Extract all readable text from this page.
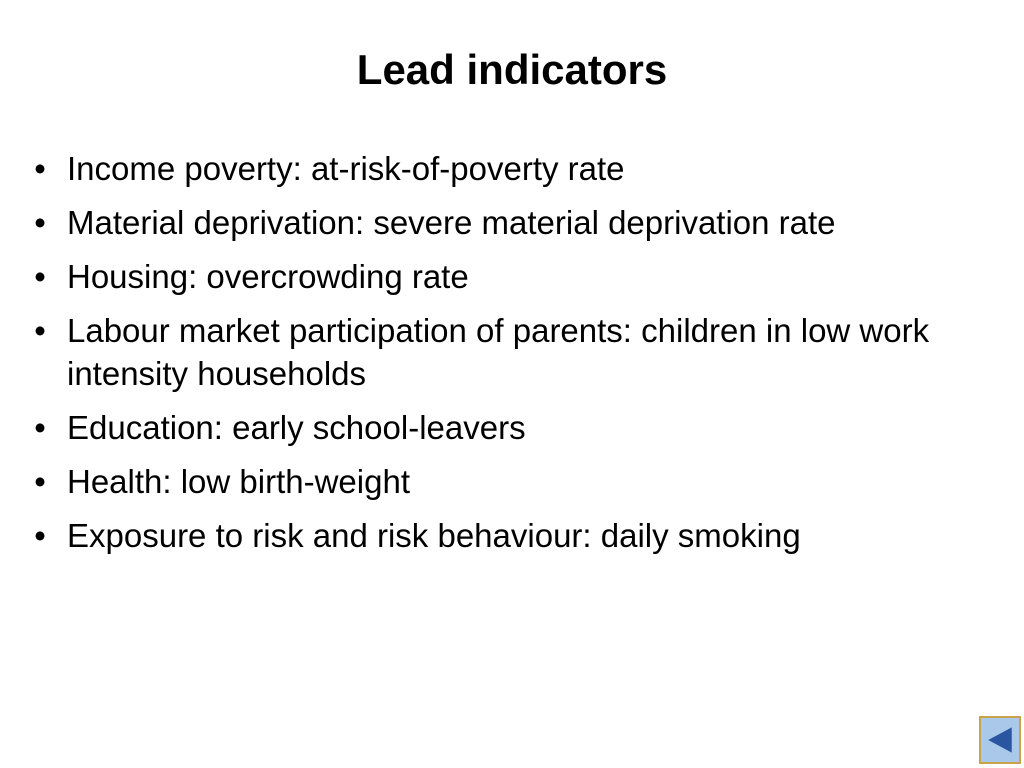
Lead indicators
• Income poverty: at-risk-of-poverty rate
• Material deprivation: severe material deprivation rate
• Housing: overcrowding rate
• Labour market participation of parents: children in low work intensity households
• Education: early school-leavers
• Health: low birth-weight
• Exposure to risk and risk behaviour: daily smoking
